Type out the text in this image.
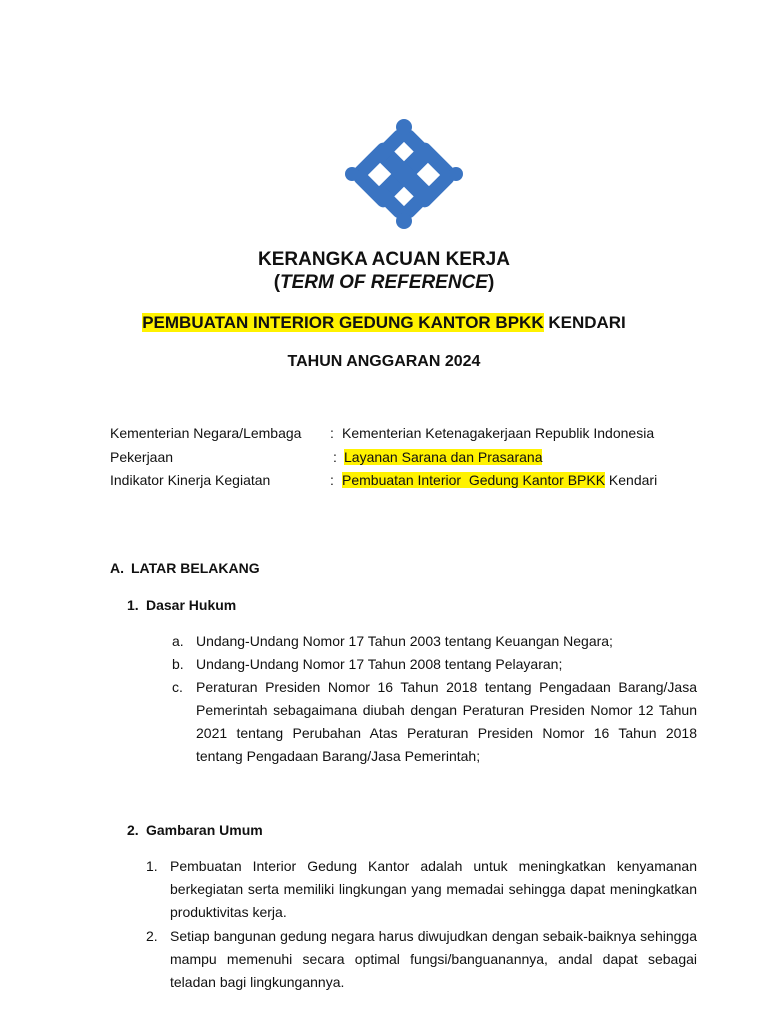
KERANGKA ACUAN KERJA
(TERM OF REFERENCE)
PEMBUATAN INTERIOR GEDUNG KANTOR BPKK KENDARI
TAHUN ANGGARAN 2024
Kementerian Negara/Lembaga : Kementerian Ketenagakerjaan Republik Indonesia
Pekerjaan	: Layanan Sarana dan Prasarana
Indikator Kinerja Kegiatan	: Pembuatan Interior  Gedung Kantor BPKK Kendari
A. LATAR BELAKANG
1. Dasar Hukum
a. Undang-Undang Nomor 17 Tahun 2003 tentang Keuangan Negara;
b. Undang-Undang Nomor 17 Tahun 2008 tentang Pelayaran;
c. Peraturan Presiden Nomor 16 Tahun 2018 tentang Pengadaan Barang/Jasa Pemerintah sebagaimana diubah dengan Peraturan Presiden Nomor 12 Tahun 2021 tentang Perubahan Atas Peraturan Presiden Nomor 16 Tahun 2018 tentang Pengadaan Barang/Jasa Pemerintah;
2. Gambaran Umum
1. Pembuatan Interior Gedung Kantor adalah untuk meningkatkan kenyamanan berkegiatan serta memiliki lingkungan yang memadai sehingga dapat meningkatkan produktivitas kerja.
2. Setiap bangunan gedung negara harus diwujudkan dengan sebaik-baiknya sehingga mampu memenuhi secara optimal fungsi/banguanannya, andal dapat sebagai teladan bagi lingkungannya.
